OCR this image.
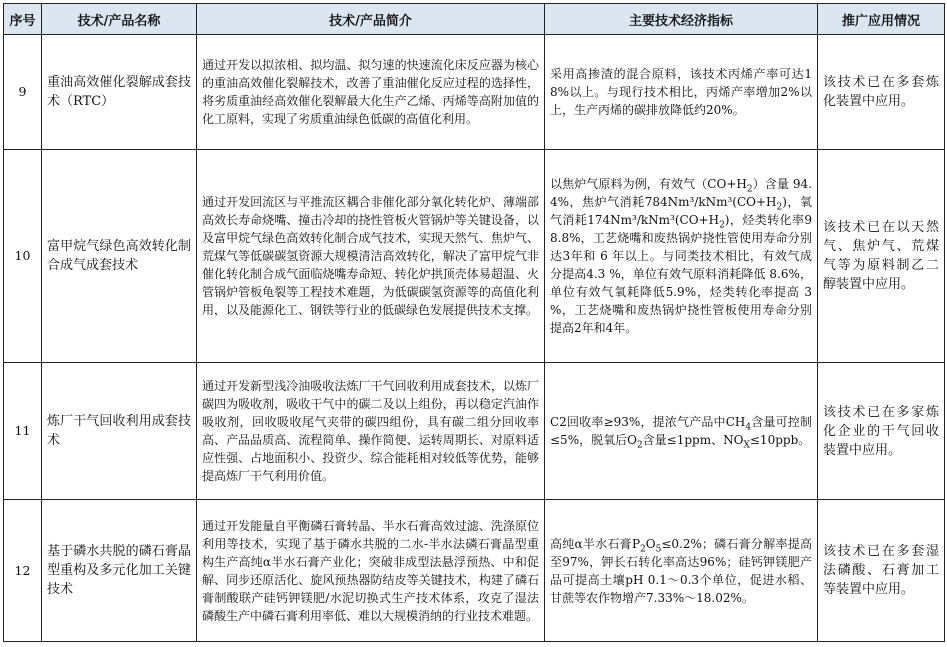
序号	技术/产品名称	技术/产品简介	主要技术经济指标	推广应用情况
9	重油高效催化裂解成套技术（RTC）	通过开发以拟浓相、拟均温、拟匀速的快速流化床反应器为核心的重油高效催化裂解技术，改善了重油催化反应过程的选择性，将劣质重油经高效催化裂解最大化生产乙烯、丙烯等高附加值的化工原料，实现了劣质重油绿色低碳的高值化利用。	采用高掺渣的混合原料，该技术丙烯产率可达18%以上。与现行技术相比，丙烯产率增加2%以上，生产丙烯的碳排放降低约20%。	该技术已在多套炼化装置中应用。
10	富甲烷气绿色高效转化制合成气成套技术	通过开发回流区与平推流区耦合非催化部分氧化转化炉、薄端部高效长寿命烧嘴、撞击冷却的挠性管板火管锅炉等关键设备，以及富甲烷气绿色高效转化制合成气技术，实现天然气、焦炉气、荒煤气等低碳碳氢资源大规模清洁高效转化，解决了富甲烷气非催化转化制合成气面临烧嘴寿命短、转化炉拱顶壳体易超温、火管锅炉管板龟裂等工程技术难题，为低碳碳氢资源等的高值化利用，以及能源化工、钢铁等行业的低碳绿色发展提供技术支撑。	以焦炉气原料为例，有效气$(CO+H_2)$含量 94.4%，焦炉气消耗$784Nm^3/kNm^3(CO+H_2)$，氧气消耗$174Nm^3/kNm^3(CO+H_2)$，烃类转化率98.8%，工艺烧嘴和废热锅炉挠性管使用寿命分别达3年和 6 年以上。与同类技术相比，有效气成分提高4.3 %，单位有效气原料消耗降低 8.6%，单位有效气氧耗降低5.9%，烃类转化率提高 3 %，工艺烧嘴和废热锅炉挠性管板使用寿命分别提高2年和4年。	该技术已在以天然气、焦炉气、荒煤气等为原料制乙二醇装置中应用。
11	炼厂干气回收利用成套技术	通过开发新型浅冷油吸收法炼厂干气回收利用成套技术，以炼厂碳四为吸收剂，吸收干气中的碳二及以上组份，再以稳定汽油作吸收剂，回收吸收尾气夹带的碳四组份，具有碳二组分回收率高、产品品质高、流程简单、操作简便、运转周期长、对原料适应性强、占地面积小、投资少、综合能耗相对较低等优势，能够提高炼厂干气利用价值。	C2回收率≥93%，提浓气产品中$CH_4$含量可控制≤5%，脱氧后$O_2$含量≤1ppm、$NO_X\le 10ppb$。	该技术已在多家炼化企业的干气回收装置中应用。
12	基于磷水共脱的磷石膏晶型重构及多元化加工关键技术	通过开发能量自平衡磷石膏转晶、半水石膏高效过滤、洗涤原位利用等技术，实现了基于磷水共脱的二水-半水法磷石膏晶型重构生产高纯α半水石膏产业化；突破非成型法悬浮预热、中和促解、同步还原活化、旋风预热器防结皮等关键技术，构建了磷石膏制酸联产硅钙钾镁肥/水泥切换式生产技术体系，攻克了湿法磷酸生产中磷石膏利用率低、难以大规模消纳的行业技术难题。	高纯α半水石膏$P_2O_5\le 0.2\%$；磷石膏分解率提高至97%，钾长石转化率高达96%；硅钙钾镁肥产品可提高土壤pH 0.1～0.3个单位，促进水稻、甘蔗等农作物增产7.33%～18.02%。	该技术已在多套湿法磷酸、石膏加工等装置中应用。
